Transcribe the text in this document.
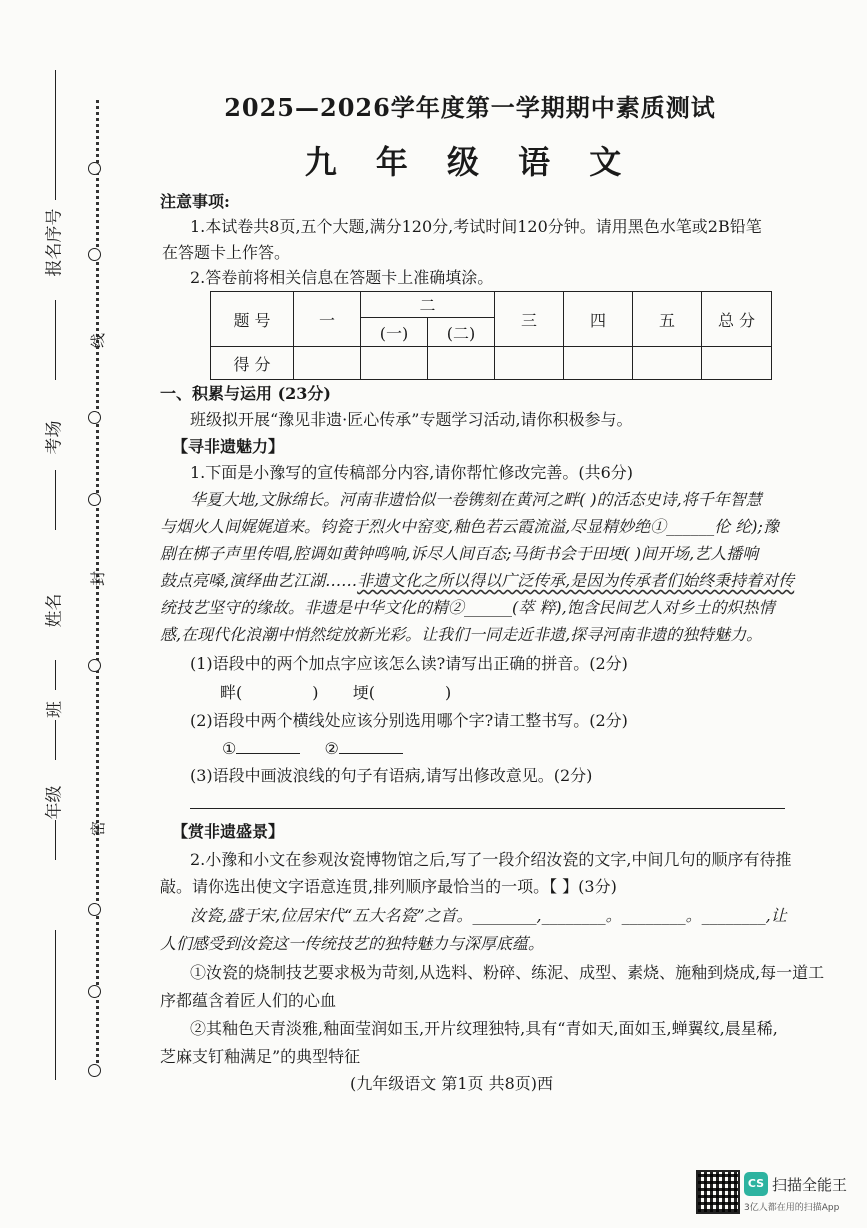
报名序号
考场
姓名
班
年级
线
封
密
2025—2026学年度第一学期期中素质测试
九 年 级 语 文
注意事项:
1.本试卷共8页,五个大题,满分120分,考试时间120分钟。请用黑色水笔或2B铅笔
在答题卡上作答。
2.答卷前将相关信息在答题卡上准确填涂。
题 号	一	二		三	四	五	总 分
		(一)	(二)				
得 分							
一、积累与运用 (23分)
班级拟开展“豫见非遗·匠心传承”专题学习活动,请你积极参与。
【寻非遗魅力】
1.下面是小豫写的宣传稿部分内容,请你帮忙修改完善。(共6分)
华夏大地,文脉绵长。河南非遗恰似一卷镌刻在黄河之畔( )的活态史诗,将千年智慧
与烟火人间娓娓道来。钧瓷于烈火中窑变,釉色若云霞流溢,尽显精妙绝①______伦 纶);豫
剧在梆子声里传唱,腔调如黄钟鸣响,诉尽人间百态;马街书会于田埂( )间开场,艺人播响
鼓点亮嗓,演绎曲艺江湖……非遗文化之所以得以广泛传承,是因为传承者们始终秉持着对传
统技艺坚守的缘故。非遗是中华文化的精②______(萃 粹),饱含民间艺人对乡土的炽热情
感,在现代化浪潮中悄然绽放新光彩。让我们一同走近非遗,探寻河南非遗的独特魅力。
(1)语段中的两个加点字应该怎么读?请写出正确的拼音。(2分)
畔(	) 埂(	)
(2)语段中两个横线处应该分别选用哪个字?请工整书写。(2分)
①	②
(3)语段中画波浪线的句子有语病,请写出修改意见。(2分)
【赏非遗盛景】
2.小豫和小文在参观汝瓷博物馆之后,写了一段介绍汝瓷的文字,中间几句的顺序有待推
敲。请你选出使文字语意连贯,排列顺序最恰当的一项。【 】(3分)
汝瓷,盛于宋,位居宋代“五大名瓷”之首。________,________。________。________,让
人们感受到汝瓷这一传统技艺的独特魅力与深厚底蕴。
①汝瓷的烧制技艺要求极为苛刻,从选料、粉碎、练泥、成型、素烧、施釉到烧成,每一道工
序都蕴含着匠人们的心血
②其釉色天青淡雅,釉面莹润如玉,开片纹理独特,具有“青如天,面如玉,蝉翼纹,晨星稀,
芝麻支钉釉满足”的典型特征
(九年级语文 第1页 共8页)西
CS 扫描全能王
3亿人都在用的扫描App
